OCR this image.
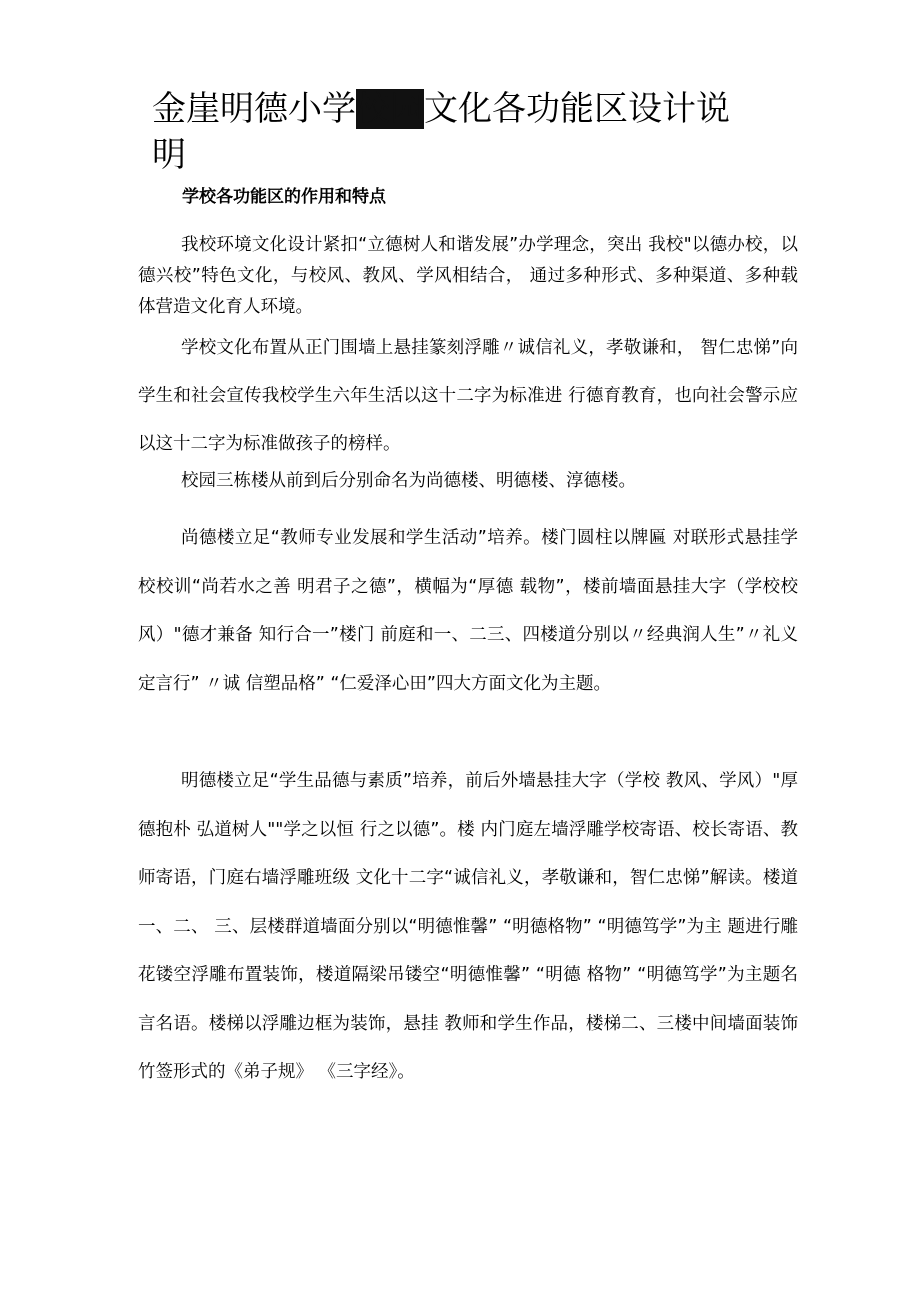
金崖明德小学校园文化各功能区设计说明

学校各功能区的作用和特点

我校环境文化设计紧扣“立德树人和谐发展”办学理念，突出 我校"以德办校，以德兴校”特色文化，与校风、教风、学风相结合， 通过多种形式、多种渠道、多种载体营造文化育人环境。

学校文化布置从正门围墙上悬挂篆刻浮雕〃诚信礼义，孝敬谦和， 智仁忠悌”向学生和社会宣传我校学生六年生活以这十二字为标准进 行德育教育，也向社会警示应以这十二字为标准做孩子的榜样。

校园三栋楼从前到后分别命名为尚德楼、明德楼、淳德楼。

尚德楼立足“教师专业发展和学生活动”培养。楼门圆柱以牌匾 对联形式悬挂学校校训“尚若水之善 明君子之德”，横幅为“厚德 载物”，楼前墙面悬挂大字（学校校风）"德才兼备 知行合一”楼门 前庭和一、二三、四楼道分别以〃经典润人生”〃礼义定言行” 〃诚 信塑品格” “仁爱泽心田”四大方面文化为主题。

明德楼立足“学生品德与素质”培养，前后外墙悬挂大字（学校 教风、学风）"厚德抱朴 弘道树人""学之以恒 行之以德”。楼 内门庭左墙浮雕学校寄语、校长寄语、教师寄语，门庭右墙浮雕班级 文化十二字“诚信礼义，孝敬谦和，智仁忠悌”解读。楼道一、二、 三、层楼群道墙面分别以“明德惟馨” “明德格物” “明德笃学”为主 题进行雕花镂空浮雕布置装饰，楼道隔梁吊镂空“明德惟馨” “明德 格物” “明德笃学”为主题名言名语。楼梯以浮雕边框为装饰，悬挂 教师和学生作品，楼梯二、三楼中间墙面装饰竹签形式的《弟子规》 《三字经》。
